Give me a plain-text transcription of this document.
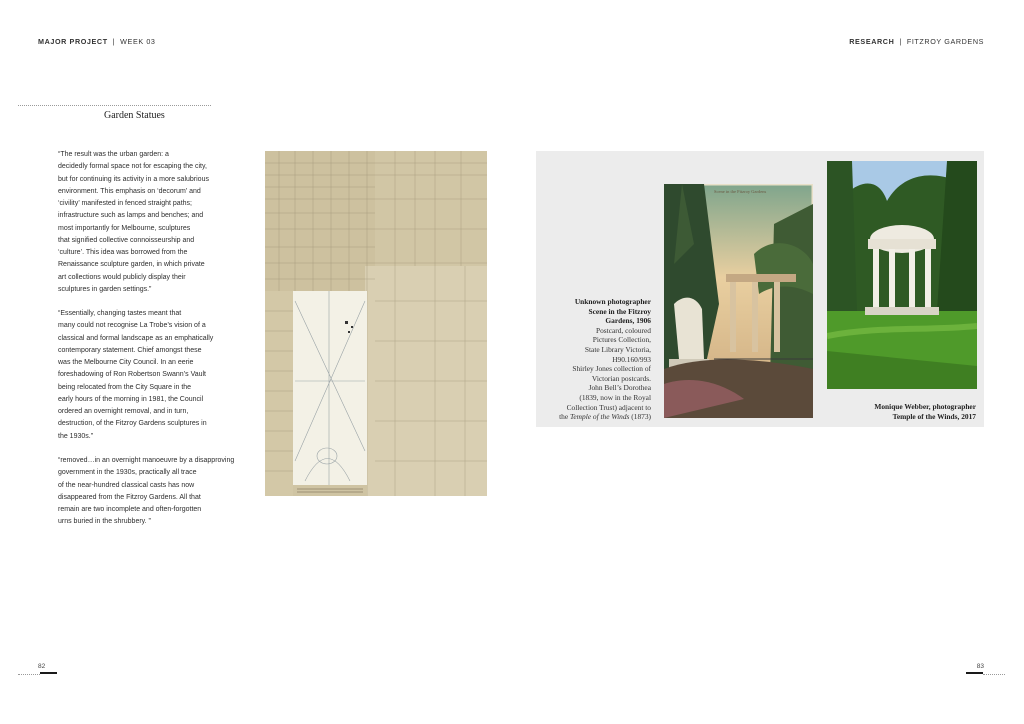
MAJOR PROJECT | WEEK 03	RESEARCH | FITZROY GARDENS
Garden Statues

“The result was the urban garden: a

decidedly formal space not for escaping the city,

but for continuing its activity in a more salubrious

environment. This emphasis on ‘decorum’ and

‘civility’ manifested in fenced straight paths;

infrastructure such as lamps and benches; and

most importantly for Melbourne, sculptures

that signified collective connoisseurship and

‘culture’. This idea was borrowed from the

Renaissance sculpture garden, in which private

art collections would publicly display their

sculptures in garden settings.”

“Essentially, changing tastes meant that

many could not recognise La Trobe’s vision of a

classical and formal landscape as an emphatically

contemporary statement. Chief amongst these

was the Melbourne City Council. In an eerie

foreshadowing of Ron Robertson Swann’s Vault

being relocated from the City Square in the

early hours of the morning in 1981, the Council

ordered an overnight removal, and in turn,

destruction, of the Fitzroy Gardens sculptures in

the 1930s.”

“removed…in an overnight manoeuvre by a disapproving

government in the 1930s, practically all trace

of the near-hundred classical casts has now

disappeared from the Fitzroy Gardens. All that

remain are two incomplete and often-forgotten

urns buried in the shrubbery. ”

Scene in the Fitzroy Gardens
Unknown photographer
Scene in the Fitzroy
Gardens, 1906
Postcard, coloured
Pictures Collection,
State Library Victoria,
H90.160/993
Shirley Jones collection of
Victorian postcards.
John Bell’s Dorothea
(1839, now in the Royal
Collection Trust) adjacent to
the Temple of the Winds (1873)
Monique Webber, photographer
Temple of the Winds, 2017
82	83
